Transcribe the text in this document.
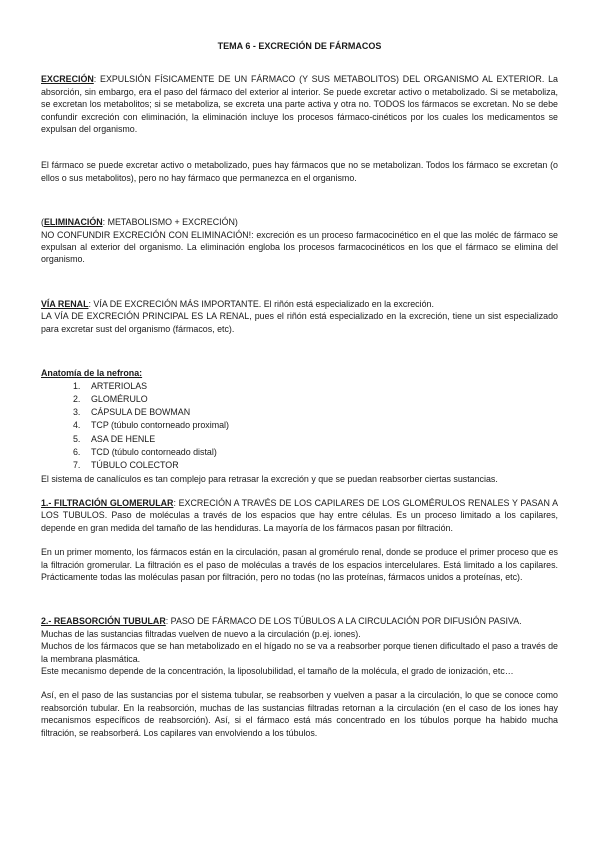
TEMA 6 - EXCRECIÓN DE FÁRMACOS

EXCRECIÓN: EXPULSIÓN FÍSICAMENTE DE UN FÁRMACO (Y SUS METABOLITOS) DEL ORGANISMO AL EXTERIOR. La absorción, sin embargo, era el paso del fármaco del exterior al interior. Se puede excretar activo o metabolizado. Si se metaboliza, se excretan los metabolitos; si se metaboliza, se excreta una parte activa y otra no. TODOS los fármacos se excretan. No se debe confundir excreción con eliminación, la eliminación incluye los procesos fármaco-cinéticos por los cuales los medicamentos se expulsan del organismo.

El fármaco se puede excretar activo o metabolizado, pues hay fármacos que no se metabolizan. Todos los fármaco se excretan (o ellos o sus metabolitos), pero no hay fármaco que permanezca en el organismo.

(ELIMINACIÓN: METABOLISMO + EXCRECIÓN)

NO CONFUNDIR EXCRECIÓN CON ELIMINACIÓN!: excreción es un proceso farmacocinético en el que las moléc de fármaco se expulsan al exterior del organismo. La eliminación engloba los procesos farmacocinéticos en los que el fármaco se elimina del organismo.

VÍA RENAL: VÍA DE EXCRECIÓN MÁS IMPORTANTE. El riñón está especializado en la excreción.

LA VÍA DE EXCRECIÓN PRINCIPAL ES LA RENAL, pues el riñón está especializado en la excreción, tiene un sist especializado para excretar sust del organismo (fármacos, etc).

Anatomía de la nefrona:

1.	ARTERIOLAS
2.	GLOMÉRULO
3.	CÁPSULA DE BOWMAN
4.	TCP (túbulo contorneado proximal)
5.	ASA DE HENLE
6.	TCD (túbulo contorneado distal)
7.	TÚBULO COLECTOR

El sistema de canalículos es tan complejo para retrasar la excreción y que se puedan reabsorber ciertas sustancias.

1.- FILTRACIÓN GLOMERULAR: EXCRECIÓN A TRAVÉS DE LOS CAPILARES DE LOS GLOMÉRULOS RENALES Y PASAN A LOS TUBULOS. Paso de moléculas a través de los espacios que hay entre células. Es un proceso limitado a los capilares, depende en gran medida del tamaño de las hendiduras. La mayoría de los fármacos pasan por filtración.

En un primer momento, los fármacos están en la circulación, pasan al gromérulo renal, donde se produce el primer proceso que es la filtración gromerular. La filtración es el paso de moléculas a través de los espacios intercelulares. Está limitado a los capilares. Prácticamente todas las moléculas pasan por filtración, pero no todas (no las proteínas, fármacos unidos a proteínas, etc).

2.- REABSORCIÓN TUBULAR: PASO DE FÁRMACO DE LOS TÚBULOS A LA CIRCULACIÓN POR DIFUSIÓN PASIVA.

Muchas de las sustancias filtradas vuelven de nuevo a la circulación (p.ej. iones).

Muchos de los fármacos que se han metabolizado en el hígado no se va a reabsorber porque tienen dificultado el paso a través de la membrana plasmática.

Este mecanismo depende de la concentración, la liposolubilidad, el tamaño de la molécula, el grado de ionización, etc…

Así, en el paso de las sustancias por el sistema tubular, se reabsorben y vuelven a pasar a la circulación, lo que se conoce como reabsorción tubular. En la reabsorción, muchas de las sustancias filtradas retornan a la circulación (en el caso de los iones hay mecanismos específicos de reabsorción). Así, si el fármaco está más concentrado en los túbulos porque ha habido mucha filtración, se reabsorberá. Los capilares van envolviendo a los túbulos.
